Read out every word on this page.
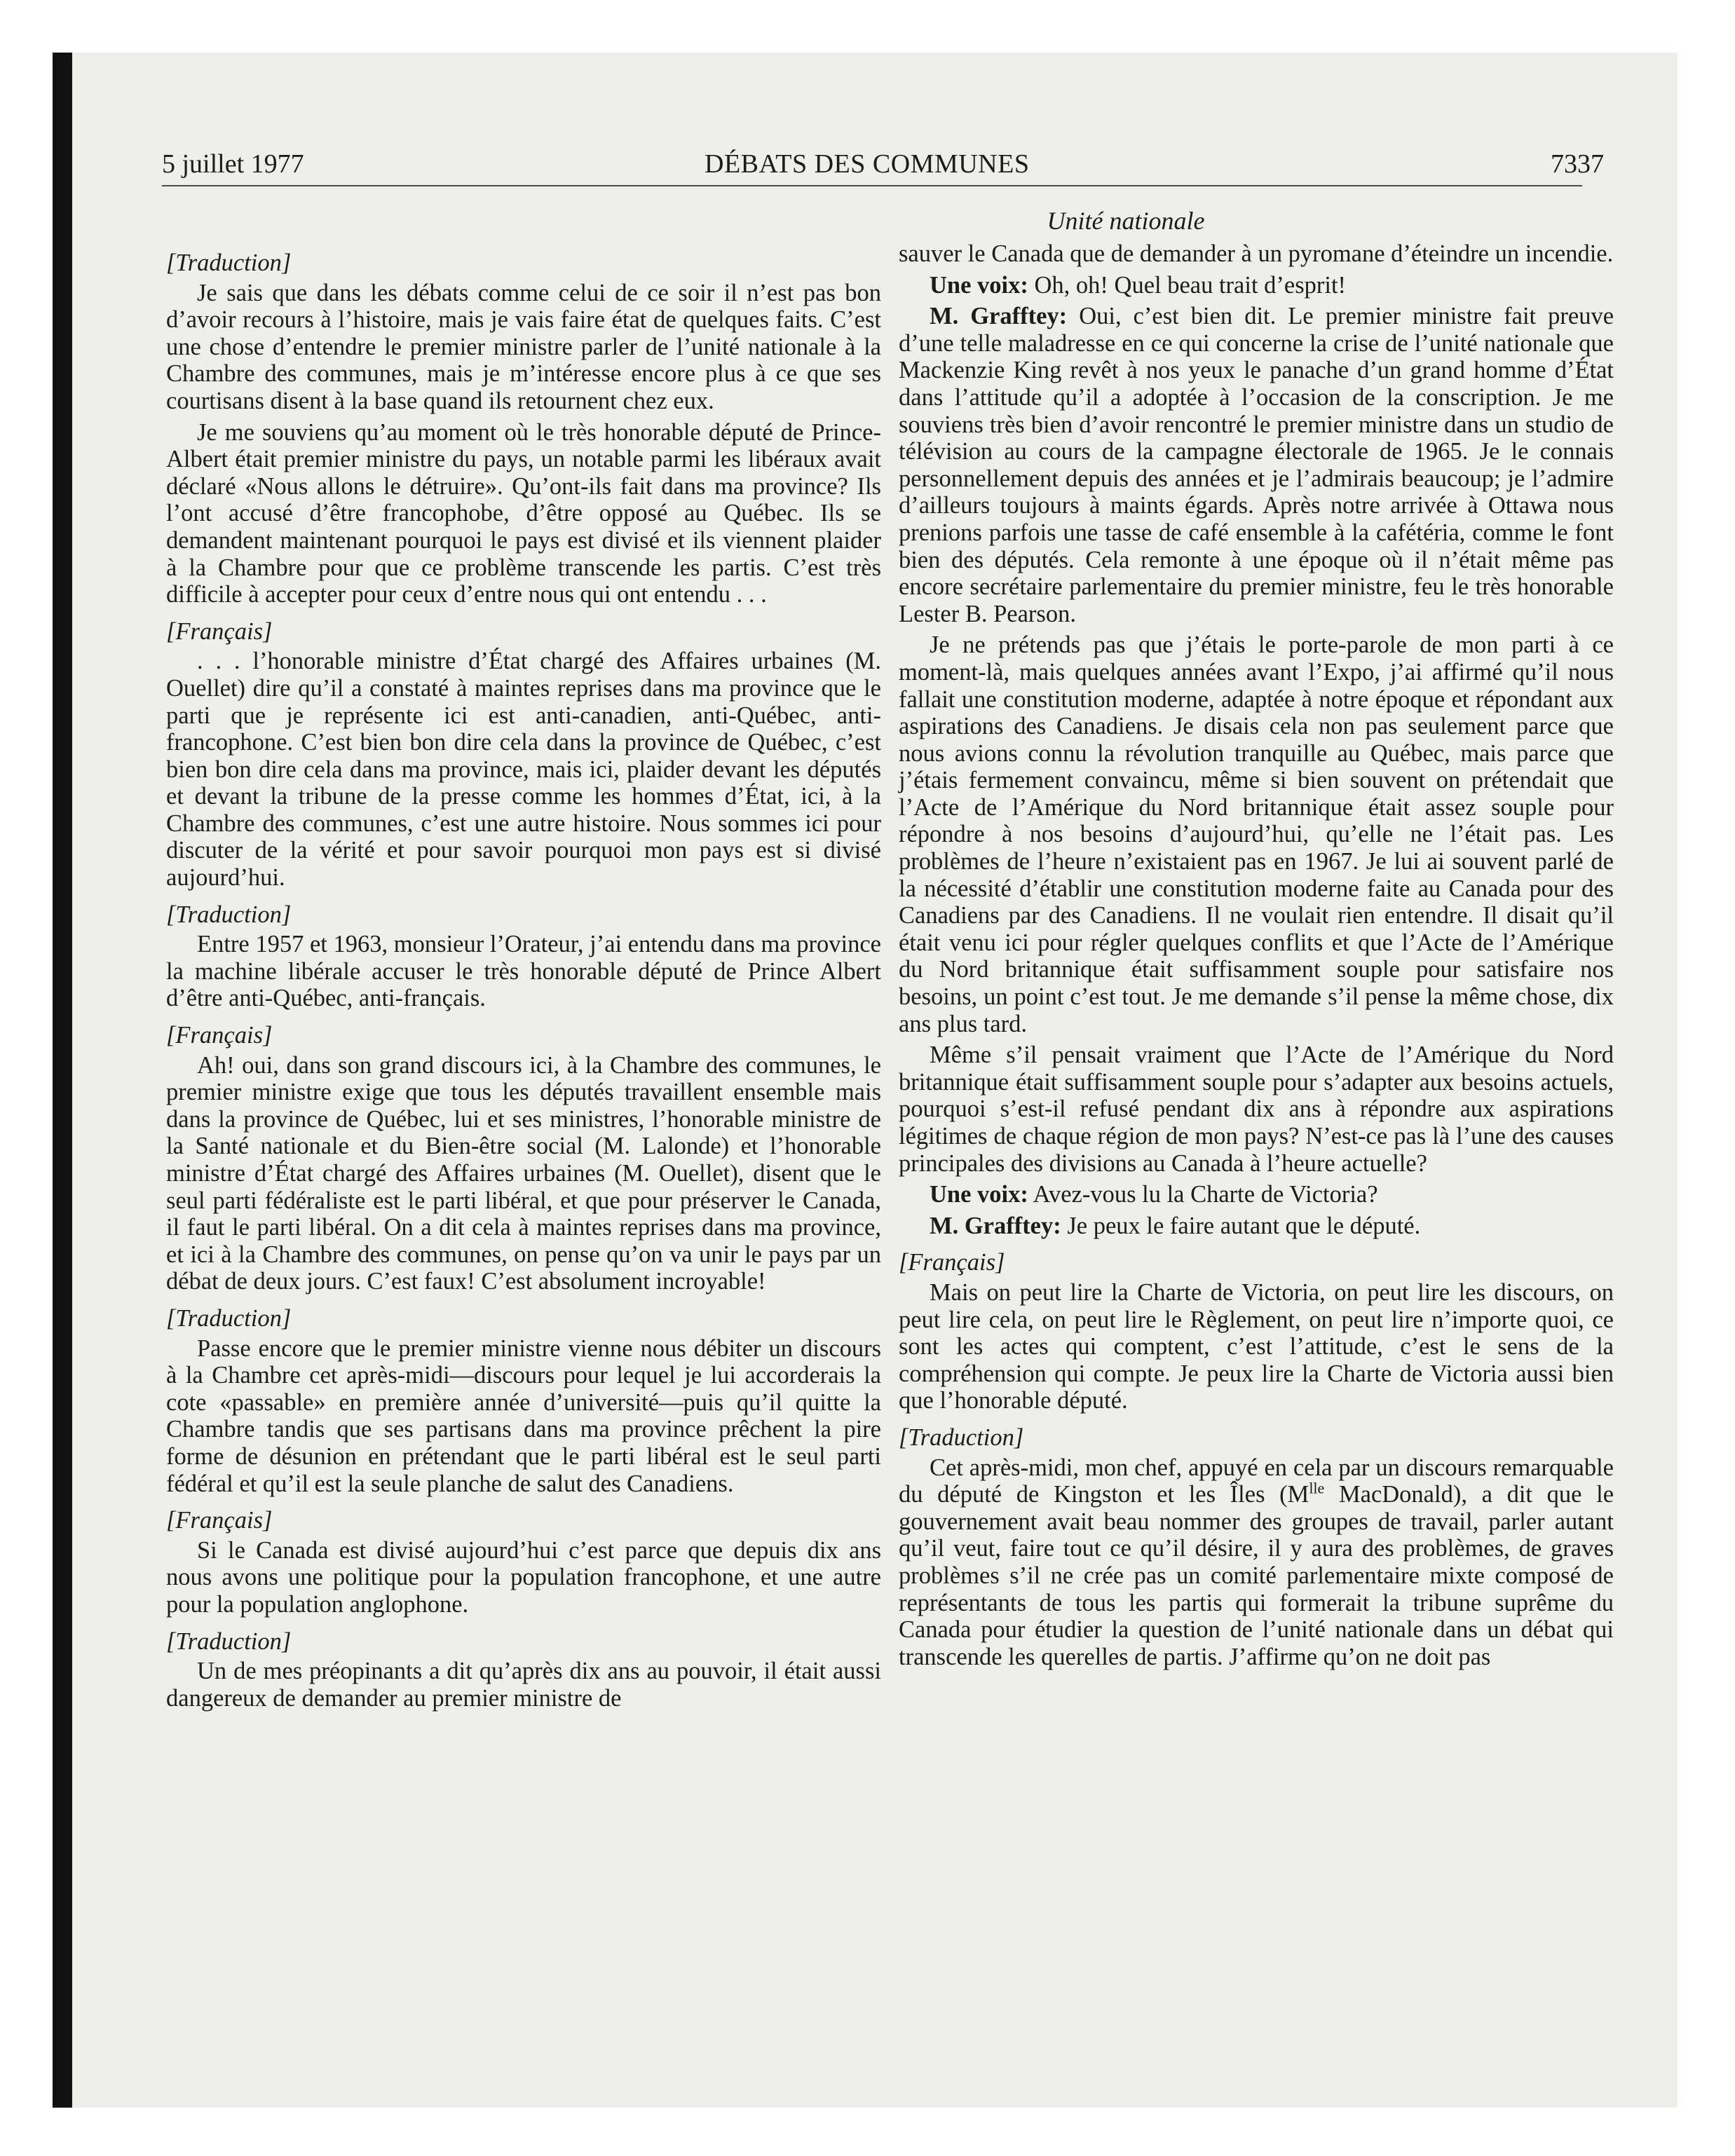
5 juillet 1977	DÉBATS DES COMMUNES	7337
Unité nationale

[Traduction]

Je sais que dans les débats comme celui de ce soir il n’est pas bon d’avoir recours à l’histoire, mais je vais faire état de quelques faits. C’est une chose d’entendre le premier ministre parler de l’unité nationale à la Chambre des communes, mais je m’intéresse encore plus à ce que ses courtisans disent à la base quand ils retournent chez eux.

Je me souviens qu’au moment où le très honorable député de Prince-Albert était premier ministre du pays, un notable parmi les libéraux avait déclaré «Nous allons le détruire». Qu’ont-ils fait dans ma province? Ils l’ont accusé d’être francophobe, d’être opposé au Québec. Ils se demandent maintenant pourquoi le pays est divisé et ils viennent plaider à la Chambre pour que ce problème transcende les partis. C’est très difficile à accepter pour ceux d’entre nous qui ont entendu . . .

[Français]

. . . l’honorable ministre d’État chargé des Affaires urbaines (M. Ouellet) dire qu’il a constaté à maintes reprises dans ma province que le parti que je représente ici est anti-canadien, anti-Québec, anti-francophone. C’est bien bon dire cela dans la province de Québec, c’est bien bon dire cela dans ma province, mais ici, plaider devant les députés et devant la tribune de la presse comme les hommes d’État, ici, à la Chambre des communes, c’est une autre histoire. Nous sommes ici pour discuter de la vérité et pour savoir pourquoi mon pays est si divisé aujourd’hui.

[Traduction]

Entre 1957 et 1963, monsieur l’Orateur, j’ai entendu dans ma province la machine libérale accuser le très honorable député de Prince Albert d’être anti-Québec, anti-français.

[Français]

Ah! oui, dans son grand discours ici, à la Chambre des communes, le premier ministre exige que tous les députés travaillent ensemble mais dans la province de Québec, lui et ses ministres, l’honorable ministre de la Santé nationale et du Bien-être social (M. Lalonde) et l’honorable ministre d’État chargé des Affaires urbaines (M. Ouellet), disent que le seul parti fédéraliste est le parti libéral, et que pour préserver le Canada, il faut le parti libéral. On a dit cela à maintes reprises dans ma province, et ici à la Chambre des communes, on pense qu’on va unir le pays par un débat de deux jours. C’est faux! C’est absolument incroyable!

[Traduction]

Passe encore que le premier ministre vienne nous débiter un discours à la Chambre cet après-midi—discours pour lequel je lui accorderais la cote «passable» en première année d’université—puis qu’il quitte la Chambre tandis que ses partisans dans ma province prêchent la pire forme de désunion en prétendant que le parti libéral est le seul parti fédéral et qu’il est la seule planche de salut des Canadiens.

[Français]

Si le Canada est divisé aujourd’hui c’est parce que depuis dix ans nous avons une politique pour la population francophone, et une autre pour la population anglophone.

[Traduction]

Un de mes préopinants a dit qu’après dix ans au pouvoir, il était aussi dangereux de demander au premier ministre de

sauver le Canada que de demander à un pyromane d’éteindre un incendie.

Une voix: Oh, oh! Quel beau trait d’esprit!

M. Grafftey: Oui, c’est bien dit. Le premier ministre fait preuve d’une telle maladresse en ce qui concerne la crise de l’unité nationale que Mackenzie King revêt à nos yeux le panache d’un grand homme d’État dans l’attitude qu’il a adoptée à l’occasion de la conscription. Je me souviens très bien d’avoir rencontré le premier ministre dans un studio de télévision au cours de la campagne électorale de 1965. Je le connais personnellement depuis des années et je l’admirais beaucoup; je l’admire d’ailleurs toujours à maints égards. Après notre arrivée à Ottawa nous prenions parfois une tasse de café ensemble à la cafétéria, comme le font bien des députés. Cela remonte à une époque où il n’était même pas encore secrétaire parlementaire du premier ministre, feu le très honorable Lester B. Pearson.

Je ne prétends pas que j’étais le porte-parole de mon parti à ce moment-là, mais quelques années avant l’Expo, j’ai affirmé qu’il nous fallait une constitution moderne, adaptée à notre époque et répondant aux aspirations des Canadiens. Je disais cela non pas seulement parce que nous avions connu la révolution tranquille au Québec, mais parce que j’étais fermement convaincu, même si bien souvent on prétendait que l’Acte de l’Amérique du Nord britannique était assez souple pour répondre à nos besoins d’aujourd’hui, qu’elle ne l’était pas. Les problèmes de l’heure n’existaient pas en 1967. Je lui ai souvent parlé de la nécessité d’établir une constitution moderne faite au Canada pour des Canadiens par des Canadiens. Il ne voulait rien entendre. Il disait qu’il était venu ici pour régler quelques conflits et que l’Acte de l’Amérique du Nord britannique était suffisamment souple pour satisfaire nos besoins, un point c’est tout. Je me demande s’il pense la même chose, dix ans plus tard.

Même s’il pensait vraiment que l’Acte de l’Amérique du Nord britannique était suffisamment souple pour s’adapter aux besoins actuels, pourquoi s’est-il refusé pendant dix ans à répondre aux aspirations légitimes de chaque région de mon pays? N’est-ce pas là l’une des causes principales des divisions au Canada à l’heure actuelle?

Une voix: Avez-vous lu la Charte de Victoria?

M. Grafftey: Je peux le faire autant que le député.

[Français]

Mais on peut lire la Charte de Victoria, on peut lire les discours, on peut lire cela, on peut lire le Règlement, on peut lire n’importe quoi, ce sont les actes qui comptent, c’est l’attitude, c’est le sens de la compréhension qui compte. Je peux lire la Charte de Victoria aussi bien que l’honorable député.

[Traduction]

Cet après-midi, mon chef, appuyé en cela par un discours remarquable du député de Kingston et les Îles ($M^{lle}$ MacDonald), a dit que le gouvernement avait beau nommer des groupes de travail, parler autant qu’il veut, faire tout ce qu’il désire, il y aura des problèmes, de graves problèmes s’il ne crée pas un comité parlementaire mixte composé de représentants de tous les partis qui formerait la tribune suprême du Canada pour étudier la question de l’unité nationale dans un débat qui transcende les querelles de partis. J’affirme qu’on ne doit pas
